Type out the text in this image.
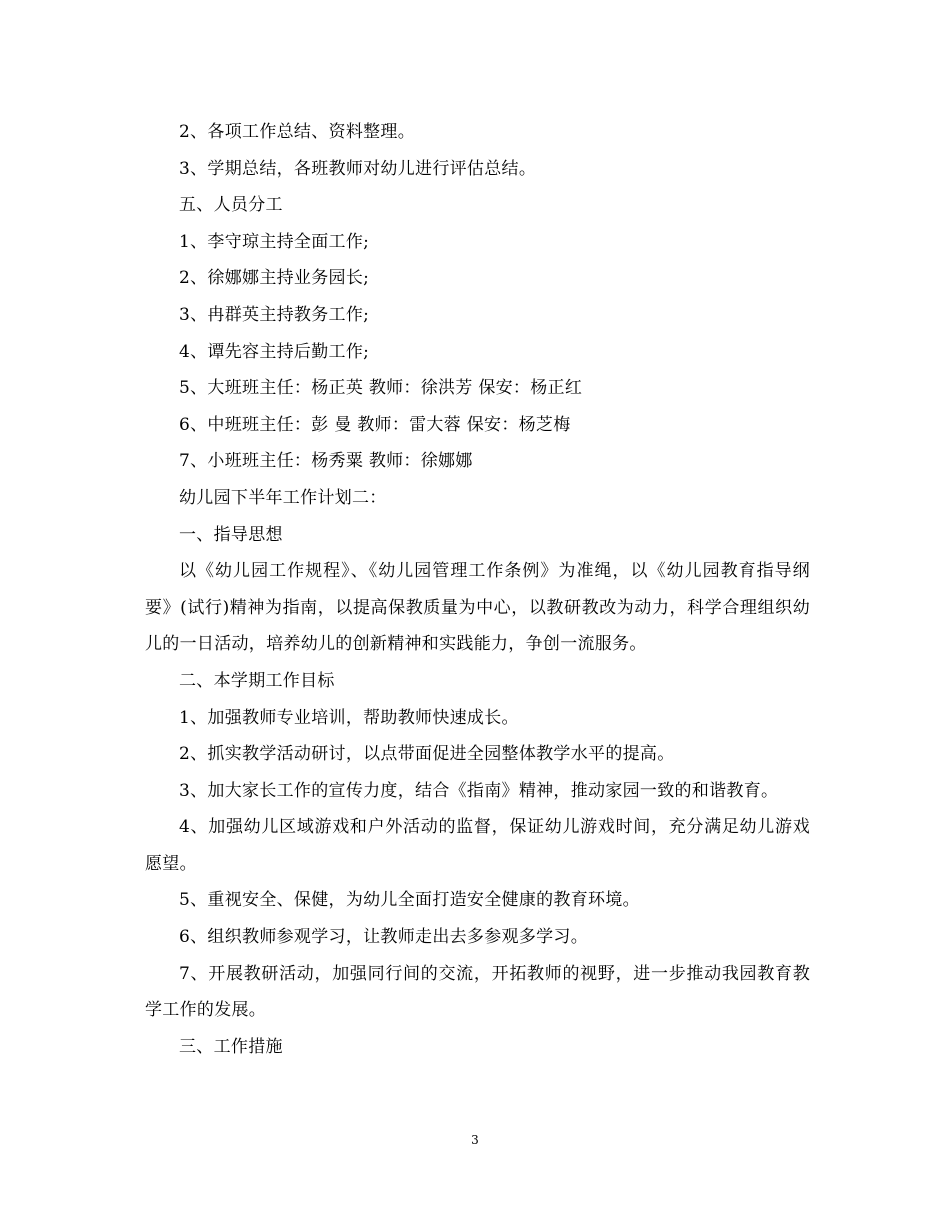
2、各项工作总结、资料整理。

3、学期总结，各班教师对幼儿进行评估总结。

五、人员分工

1、李守琼主持全面工作;

2、徐娜娜主持业务园长;

3、冉群英主持教务工作;

4、谭先容主持后勤工作;

5、大班班主任：杨正英 教师：徐洪芳 保安：杨正红

6、中班班主任：彭 曼 教师：雷大蓉 保安：杨芝梅

7、小班班主任：杨秀粟 教师：徐娜娜

幼儿园下半年工作计划二：

一、指导思想

以《幼儿园工作规程》、《幼儿园管理工作条例》为准绳，以《幼儿园教育指导纲要》(试行)精神为指南，以提高保教质量为中心，以教研教改为动力，科学合理组织幼儿的一日活动，培养幼儿的创新精神和实践能力，争创一流服务。

二、本学期工作目标

1、加强教师专业培训，帮助教师快速成长。

2、抓实教学活动研讨，以点带面促进全园整体教学水平的提高。

3、加大家长工作的宣传力度，结合《指南》精神，推动家园一致的和谐教育。

4、加强幼儿区域游戏和户外活动的监督，保证幼儿游戏时间，充分满足幼儿游戏愿望。

5、重视安全、保健，为幼儿全面打造安全健康的教育环境。

6、组织教师参观学习，让教师走出去多参观多学习。

7、开展教研活动，加强同行间的交流，开拓教师的视野，进一步推动我园教育教学工作的发展。

三、工作措施

3
